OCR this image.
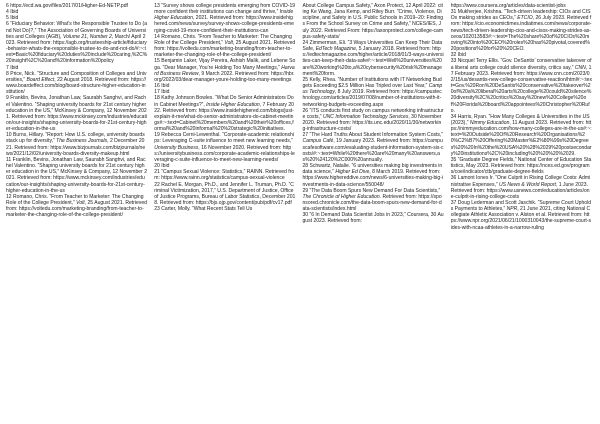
6 https://ecd.wa.gov/files/2017/01/Higher-Ed-NETP.pdf

4 Ibid

5 Ibid

6 “Fiduciary Behavior: What’s the Responsible Trustee to Do (and Not Do)?,” The Association of Governing Boards of Universities and Colleges (AGB), Volume 21, Number 2, March/ April 2023. Retrieved from: https://agb.org/trusteeship-article/fiduciary-behavior-whats-the-responsible-trustee-to-do-and-not-do/#:~:text=Basic%20fiduciary%20duties%20include%20caring,%2C%20insight%2C%20and%20information%20policy

7 Ibid

8 Price, Nick. “Structure and Composition of Colleges and Universities,” Board Effect, 22 August 2018. Retrieved from: https://www.boardeffect.com/blog/board-structure-higher-education-institution/

9 Franklin, Bevins, Jonathan Law, Saurabh Sanghvi, and Rachel Valentino. “Shaping university boards for 21st century higher education in the US,” McKinsey & Company, 12 November 2021. Retrieved from: https://www.mckinsey.com/industries/education/our-insights/shaping-university-boards-for-21st-century-higher-education-in-the-us

10 Burns, Hillary. “Report: How U.S. college, university boards stack up for diversity,” The Business Journals, 2 December 2021. Retrieved from: https://www.bizjournals.com/bizjournals/news/2021/12/02/university-boards-diversity-makeup.html

11 Franklin, Bevins, Jonathan Law, Saurabh Sanghvi, and Rachel Valentino. “Shaping university boards for 21st century higher education in the US,” McKinsey & Company, 12 November 2021. Retrieved from: https://www.mckinsey.com/industries/education/our-insights/shaping-university-boards-for-21st-century-higher-education-in-the-us

12 Romano, Chris. “From Teacher to Marketer: The Changing Role of the College President,” Volt, 25 August 2021. Retrieved from: https://voltedu.com/marketing-branding/from-teacher-to-marketer-the-changing-role-of-the-college-president/

13 “Survey shows college presidents emerging from COVID-19 more confident their institutions can change and thrive,” Inside Higher Education, 2021. Retrieved from: https://www.insidehighered.com/news/survey/survey-shows-college-presidents-emerging-covid-19-more-confident-their-institutions-can

14 Romano, Chris. “From Teacher to Marketer: The Changing Role of the College President,” Volt, 25 August 2021. Retrieved from: https://voltedu.com/marketing-branding/from-teacher-to-marketer-the-changing-role-of-the-college-president/

15 Benjamin Laker, Vijay Pereira, Ashish Malik, and Lebene Soga. “Dear Manager, You’re Holding Too Many Meetings,” Harvard Business Review, 9 March 2022. Retrieved from: https://hbr.org/2022/03/dear-manager-youre-holding-too-many-meetings

16 Ibid

17 Ibid

18 Kathy Johnson Bowles. “What Do Senior Administrators Do in Cabinet Meetings?”, Inside Higher Education, 7 February 2022. Retrieved from: https://www.insidehighered.com/blogs/just-explain-it-me/what-do-senior-administrators-do-cabinet-meetings#:~:text=Cabinet%20members%20and%20their%20offices,formal%20and%20informal%20%20strategic%20initiatives.

19 Rebecca Cerni-Lewenthal. “Corporate-academic relationships: Leveraging C-suite influence to meet new learning needs,” University Business, 16 November 2020. Retrieved from: https://universitybusiness.com/corporate-academic-relationships-leveraging-c-suite-influence-to-meet-new-learning-needs/

20 Ibid

21 “Campus Sexual Violence: Statistics,” RAINN. Retrieved from: https://www.rainn.org/statistics/campus-sexual-violence

22 Rachel E. Morgan, Ph.D., and Jennifer L. Truman, Ph.D. “Criminal Victimization, 2017,” U.S. Department of Justice, Office of Justice Programs, Bureau of Labor Statistics, December 2018. Retrieved from: https://bjs.ojp.gov/content/pub/pdf/cv17.pdf

23 Carter, Molly. “What Recent Stats Tell Us

About College Campus Safety,” Axon Protect, 12 April 2022: citing Ke Wang, Jana Kemp, and Riley Burr. “Crime, Violence, Discipline, and Safety in U.S. Public Schools in 2019–20: Findings From the School Survey on Crime and Safety,” NCES/IES, July 2022. Retrieved From: https://axonprotect.com/college-campus-safety-stats/

24 Zimmerman, Eli. “3 Ways Universities Can Keep Their Data Safe, EdTech Magazine, 5 January 2018. Retrieved from: https://edtechmagazine.com/higher/article/2018/01/3-ways-universities-can-keep-their-data-safe#:~:text=Well%20universities%20are%20working%20to,a%20cybersecurity%20risk%20management%20form.

25 Kelly, Rhea. “Number of Institutions with IT Networking Budgets Exceeding $2.5 Million Has Tripled over Last Year,” Campus Technology, 8 July 2019. Retrieved from: https://campustechnology.com/articles/2019/07/08/number-of-institutions-with-it-networking-budgets-exceeding.aspx

26 “ITS conducts first study on campus networking infrastructure costs,” UNC Information Technology Services, 30 November 2020. Retrieved from: https://its.unc.edu/2020/11/30/networking-infrastructure-costs/

27 “The Hard Truths About Student Information System Costs,” Campus Café, 19 January 2023. Retrieved from: https://campuscafesoftware.com/evaluating-student-information-system-sis-costs/#:~:text=While%20there%20are%20many%20answers,as%20%24120%2C000%20annually.

28 Schwartz, Natalie. “6 universities making big investments in data science,” Higher Ed Dive, 8 March 2019. Retrieved from: https://www.highereddive.com/news/6-universities-making-big-investments-in-data-science/550048/

29 “The Data Boom Spurs New Demand For Data Scientists,” The Chronicle of Higher Education. Retrieved from: https://sponsored.chronicle.com/the-data-boom-spurs-new-demand-for-data-scientists/index.html

30 “6 In Demand Data Scientist Jobs in 2023,” Coursera, 30 August 2023. Retrieved from:

https://www.coursera.org/articles/data-scientist-jobs

31 Mukherjee, Krishna. “Tech-driven leadership: CIOs and CISOs making strides as CEOs,” ETCIO, 26 July 2023. Retrieved from: https://cio.economictimes.indiatimes.com/news/corporate-news/tech-driven-leadership-cios-and-cisos-making-strides-as-ceos/102013583#:~:text=The%20share%20of%20CIOs%20moving%20into%20CEO%20roles%20has%20pivotal,covered%20positions%20for%20%20CEO.

32 Ibid

33 Nicquel Terry Ellis. “Gov. DeSantis’ conservative takeover of a liberal arts college could silence diversity, critics say,” CNN, 17 February 2023. Retrieved from: https://www.cnn.com/2023/02/15/us/desantis-new-college-conservative-reaction/html#:~:text=Gov.%20Ron%20DeSantis%20conservative%20takeover%20of%20a%20liberal%20arts%20college%20could%20silence%20diversity%2C%20critics%20say%20new%20College%20of%20Florida%20board%20appointees%20Christopher%20Rufo.

34 Harris, Ryan. “How Many Colleges & Universities in the US (2023),” Nimmy Education, 11 August 2023. Retrieved from: https://nimmyeducation.com/how-many-colleges-are-in-the-us#:~:text=%20Outside%20Of%20Research%20Organisations%20%C2%B7%20Offering%20Master%E2%80%99s%20Degrees%20%20In%20the%20USA%20%28%2029%20postsecondary%20institutions%2C%20including%20%20%20%2029.

35 “Graduate Degree Fields,” National Center of Education Statistics, May 2023. Retrieved from: https://nces.ed.gov/programs/coe/indicator/ctb/graduate-degree-fields

36 Lamont Iones Ir. “One Culprit in Rising College Costs: Administrative Expenses,” US News & World Report, 1 June 2023. Retrieved from: https://www.usnews.com/education/articles/one-culprit-in-rising-college-costs

37 Doug Lederman and Scott Jaschik. “Supreme Court Upholds Payments to Athletes,” NPR, 21 June 2021, citing National Collegiate Athletic Association v. Alston et al. Retrieved from: https://www.npr.org/2021/06/21/1000310043/the-supreme-court-sides-with-ncaa-athletes-in-a-narrow-ruling
